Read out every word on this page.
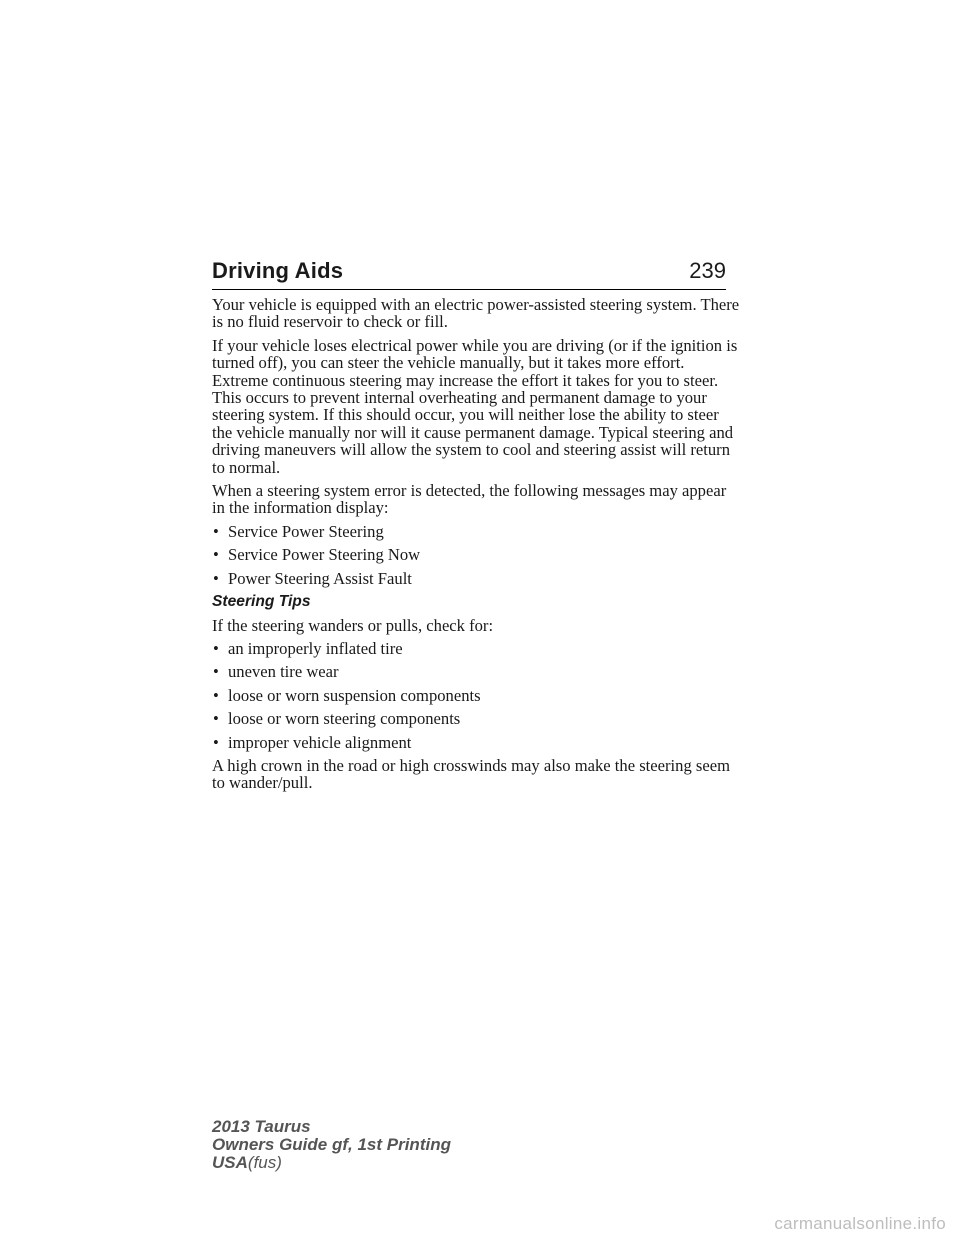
Driving Aids	239

Your vehicle is equipped with an electric power-assisted steering system. There is no fluid reservoir to check or fill.

If your vehicle loses electrical power while you are driving (or if the ignition is turned off), you can steer the vehicle manually, but it takes more effort. Extreme continuous steering may increase the effort it takes for you to steer. This occurs to prevent internal overheating and permanent damage to your steering system. If this should occur, you will neither lose the ability to steer the vehicle manually nor will it cause permanent damage. Typical steering and driving maneuvers will allow the system to cool and steering assist will return to normal.

When a steering system error is detected, the following messages may appear in the information display:

• Service Power Steering
• Service Power Steering Now
• Power Steering Assist Fault
Steering Tips

If the steering wanders or pulls, check for:

• an improperly inflated tire
• uneven tire wear
• loose or worn suspension components
• loose or worn steering components
• improper vehicle alignment

A high crown in the road or high crosswinds may also make the steering seem to wander/pull.

2013 Taurus
Owners Guide gf, 1st Printing
USA(fus)
carmanualsonline.info
